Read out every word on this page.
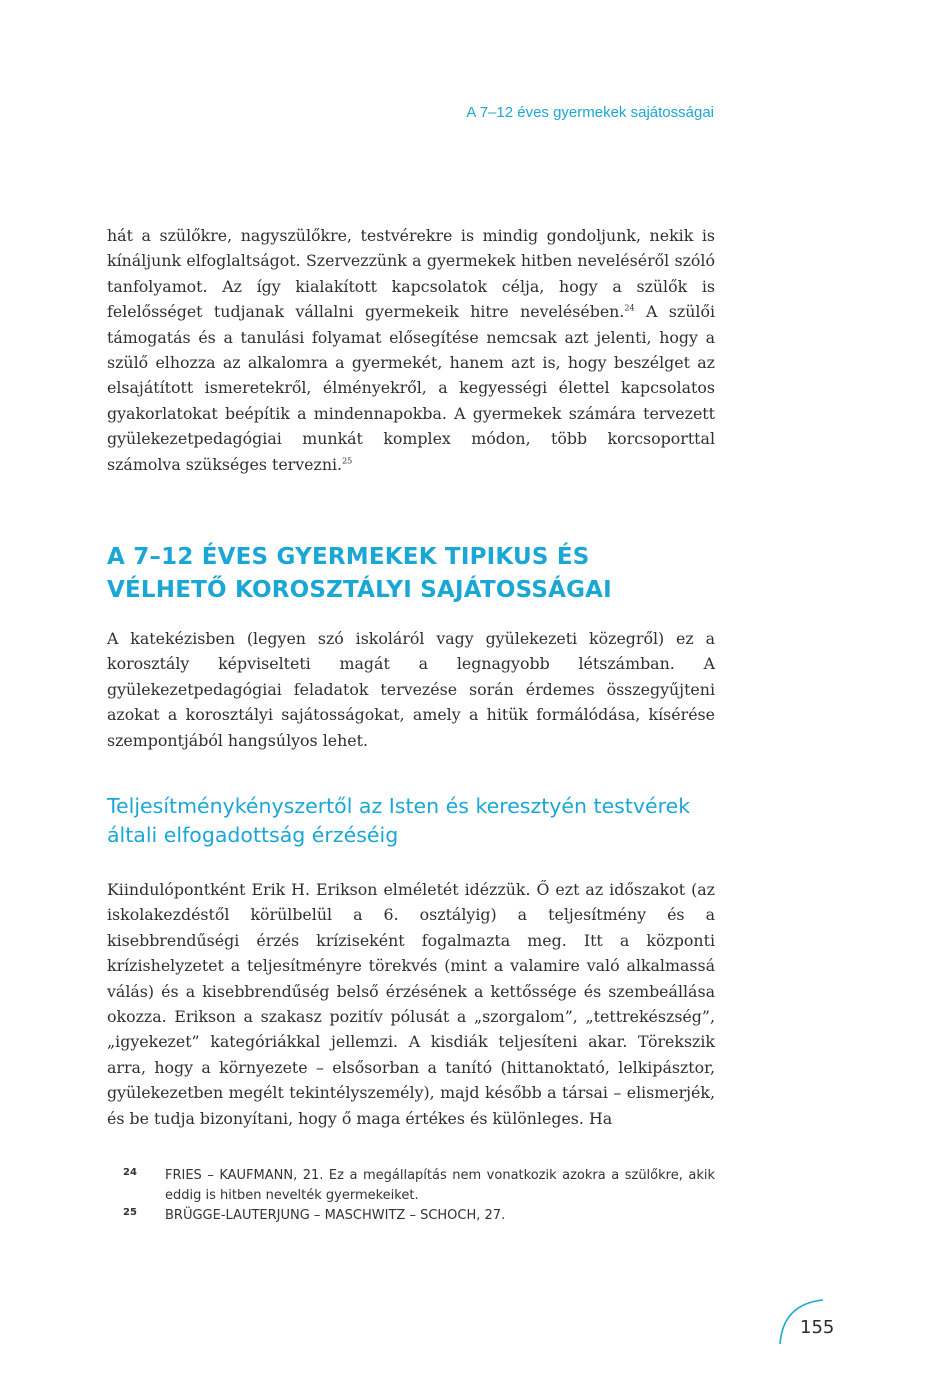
A 7–12 éves gyermekek sajátosságai

hát a szülőkre, nagyszülőkre, testvérekre is mindig gondoljunk, nekik is kínáljunk elfoglaltságot. Szervezzünk a gyermekek hitben neveléséről szóló tanfolyamot. Az így kialakított kapcsolatok célja, hogy a szülők is felelősséget tudjanak vállalni gyermekeik hitre nevelésében.$^{24}$ A szülői támogatás és a tanulási folyamat elősegítése nemcsak azt jelenti, hogy a szülő elhozza az alkalomra a gyermekét, hanem azt is, hogy beszélget az elsajátított ismeretekről, élményekről, a kegyességi élettel kapcsolatos gyakorlatokat beépítik a mindennapokba. A gyermekek számára tervezett gyülekezetpedagógiai munkát komplex módon, több korcsoporttal számolva szükséges tervezni.$^{25}$

A 7–12 ÉVES GYERMEKEK TIPIKUS ÉS VÉLHETŐ KOROSZTÁLYI SAJÁTOSSÁGAI

A katekézisben (legyen szó iskoláról vagy gyülekezeti közegről) ez a korosztály képviselteti magát a legnagyobb létszámban. A gyülekezetpedagógiai feladatok tervezése során érdemes összegyűjteni azokat a korosztályi sajátosságokat, amely a hitük formálódása, kísérése szempontjából hangsúlyos lehet.

Teljesítménykényszertől az Isten és keresztyén testvérek általi elfogadottság érzéséig

Kiindulópontként Erik H. Erikson elméletét idézzük. Ő ezt az időszakot (az iskolakezdéstől körülbelül a 6. osztályig) a teljesítmény és a kisebbrendűségi érzés kríziseként fogalmazta meg. Itt a központi krízishelyzetet a teljesítményre törekvés (mint a valamire való alkalmassá válás) és a kisebbrendűség belső érzésének a kettőssége és szembeállása okozza. Erikson a szakasz pozitív pólusát a „szorgalom”, „tettrekészség”, „igyekezet” kategóriákkal jellemzi. A kisdiák teljesíteni akar. Törekszik arra, hogy a környezete – elsősorban a tanító (hittanoktató, lelkipásztor, gyülekezetben megélt tekintélyszemély), majd később a társai – elismerjék, és be tudja bizonyítani, hogy ő maga értékes és különleges. Ha

24 FRIES – KAUFMANN, 21. Ez a megállapítás nem vonatkozik azokra a szülőkre, akik eddig is hitben nevelték gyermekeiket.
25 BRÜGGE-LAUTERJUNG – MASCHWITZ – SCHOCH, 27.
155
